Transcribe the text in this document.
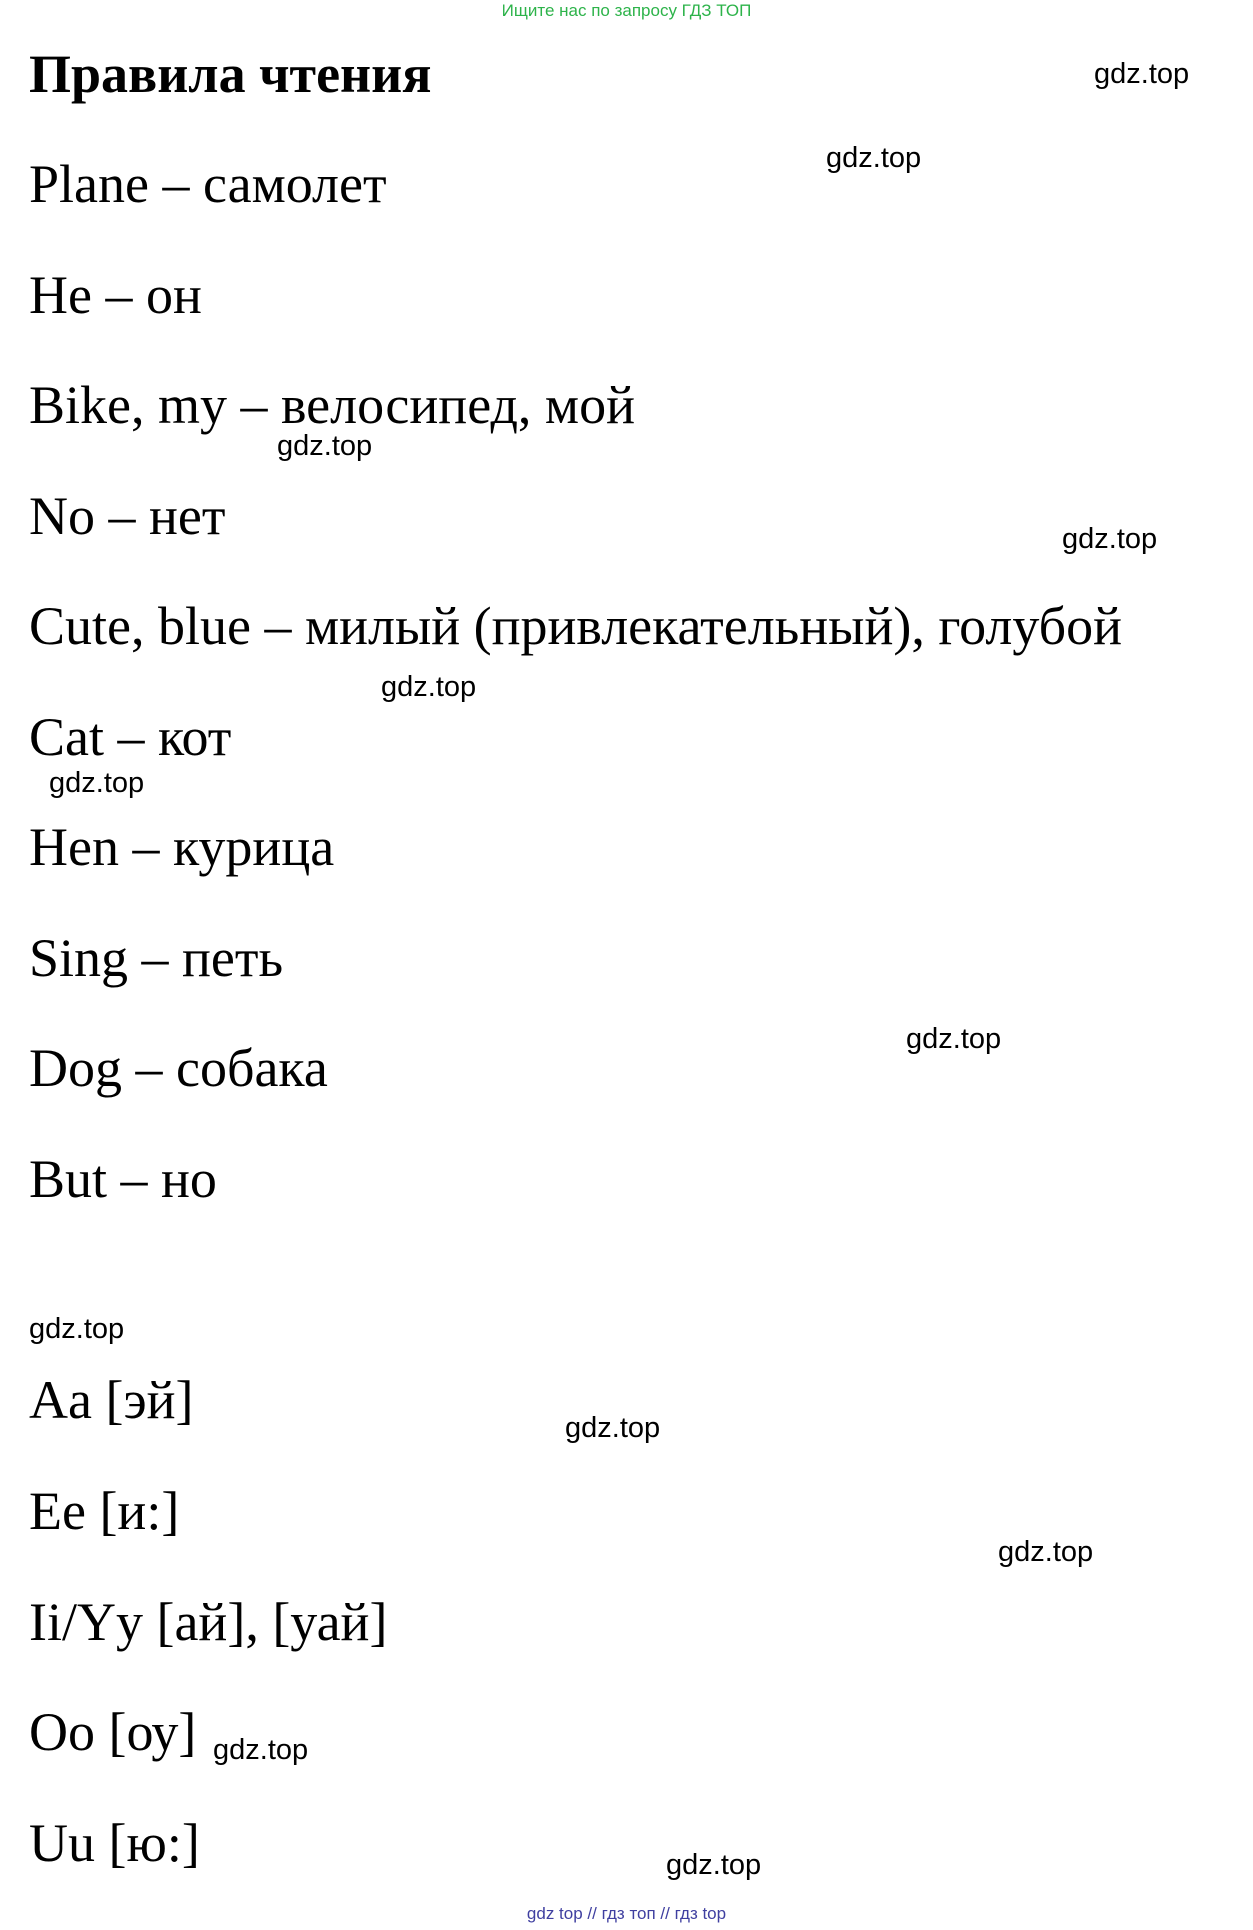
Ищите нас по запросу ГДЗ ТОП
Правила чтения
Plane – самолет
He – он
Bike, my – велосипед, мой
No – нет
Cute, blue – милый (привлекательный), голубой
Cat – кот
Hen – курица
Sing – петь
Dog – собака
But – но
Aa [эй]
Ee [и:]
Ii/Yy [ай], [уай]
Oo [оу]
Uu [ю:]
gdz.top
gdz.top
gdz.top
gdz.top
gdz.top
gdz.top
gdz.top
gdz.top
gdz.top
gdz.top
gdz.top
gdz.top
gdz top // гдз топ // гдз top
